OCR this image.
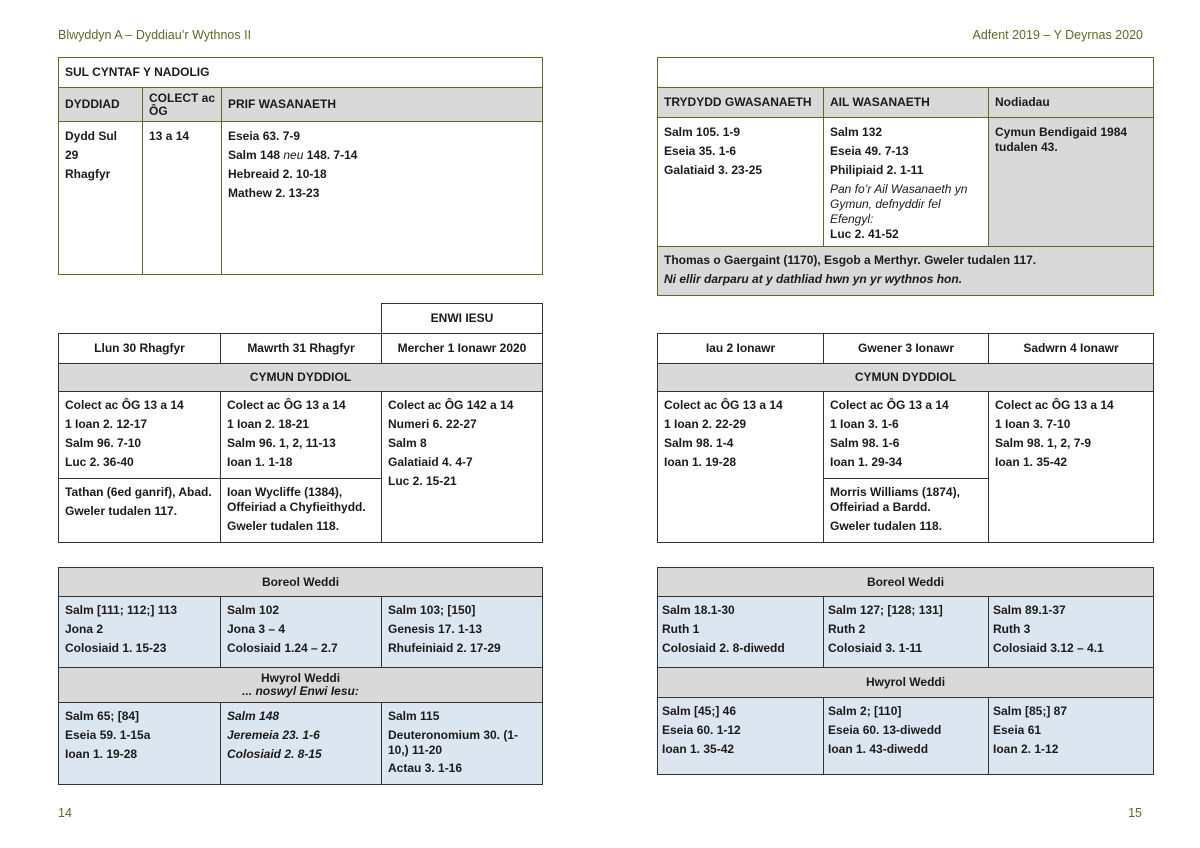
Blwyddyn A – Dyddiau’r Wythnos II	Adfent 2019 – Y Deyrnas 2020
SUL CYNTAF Y NADOLIG		
DYDDIAD	COLECT ac ÔG	PRIF WASANAETH

Dydd Sul
29
Rhagfyr	13 a 14	Eseia 63. 7-9
Salm 148 neu 148. 7-14
Hebreaid 2. 10-18
Mathew 2. 13-23

TRYDYDD GWASANAETH	AIL WASANAETH	Nodiadau

Salm 105. 1-9
Eseia 35. 1-6
Galatiaid 3. 23-25	Salm 132
Eseia 49. 7-13
Philipiaid 2. 1-11
Pan fo’r Ail Wasanaeth yn Gymun, defnyddir fel Efengyl:
Luc 2. 41-52	Cymun Bendigaid 1984 tudalen 43.

Thomas o Gaergaint (1170), Esgob a Merthyr. Gweler tudalen 117.
Ni ellir darparu at y dathliad hwn yn yr wythnos hon.		
		ENWI IESU
Llun 30 Rhagfyr	Mawrth 31 Rhagfyr	Mercher 1 Ionawr 2020
CYMUN DYDDIOL		

Colect ac ÔG 13 a 14
1 Ioan 2. 12-17
Salm 96. 7-10
Luc 2. 36-40	Colect ac ÔG 13 a 14
1 Ioan 2. 18-21
Salm 96. 1, 2, 11-13
Ioan 1. 1-18	Colect ac ÔG 142 a 14
Numeri 6. 22-27
Salm 8
Galatiaid 4. 4-7
Luc 2. 15-21

Tathan (6ed ganrif), Abad.
Gweler tudalen 117.	Ioan Wycliffe (1384), Offeiriad a Chyfieithydd.
Gweler tudalen 118.	
Iau 2 Ionawr	Gwener 3 Ionawr	Sadwrn 4 Ionawr
CYMUN DYDDIOL		

Colect ac ÔG 13 a 14
1 Ioan 2. 22-29
Salm 98. 1-4
Ioan 1. 19-28	Colect ac ÔG 13 a 14
1 Ioan 3. 1-6
Salm 98. 1-6
Ioan 1. 29-34	Colect ac ÔG 13 a 14
1 Ioan 3. 7-10
Salm 98. 1, 2, 7-9
Ioan 1. 35-42

	Morris Williams (1874), Offeiriad a Bardd.
Gweler tudalen 118.	
Boreol Weddi		

Salm [111; 112;] 113
Jona 2
Colosiaid 1. 15-23	Salm 102
Jona 3 – 4
Colosiaid 1.24 – 2.7	Salm 103; [150]
Genesis 17. 1-13
Rhufeiniaid 2. 17-29

Hwyrol Weddi
... noswyl Enwi Iesu:		

Salm 65; [84]
Eseia 59. 1-15a
Ioan 1. 19-28	Salm 148
Jeremeia 23. 1-6
Colosiaid 2. 8-15	Salm 115
Deuteronomium 30. (1-10,) 11-20
Actau 3. 1-16
Boreol Weddi		

Salm 18.1-30
Ruth 1
Colosiaid 2. 8-diwedd	Salm 127; [128; 131]
Ruth 2
Colosiaid 3. 1-11	Salm 89.1-37
Ruth 3
Colosiaid 3.12 – 4.1

Hwyrol Weddi		

Salm [45;] 46
Eseia 60. 1-12
Ioan 1. 35-42	Salm 2; [110]
Eseia 60. 13-diwedd
Ioan 1. 43-diwedd	Salm [85;] 87
Eseia 61
Ioan 2. 1-12
14	15
